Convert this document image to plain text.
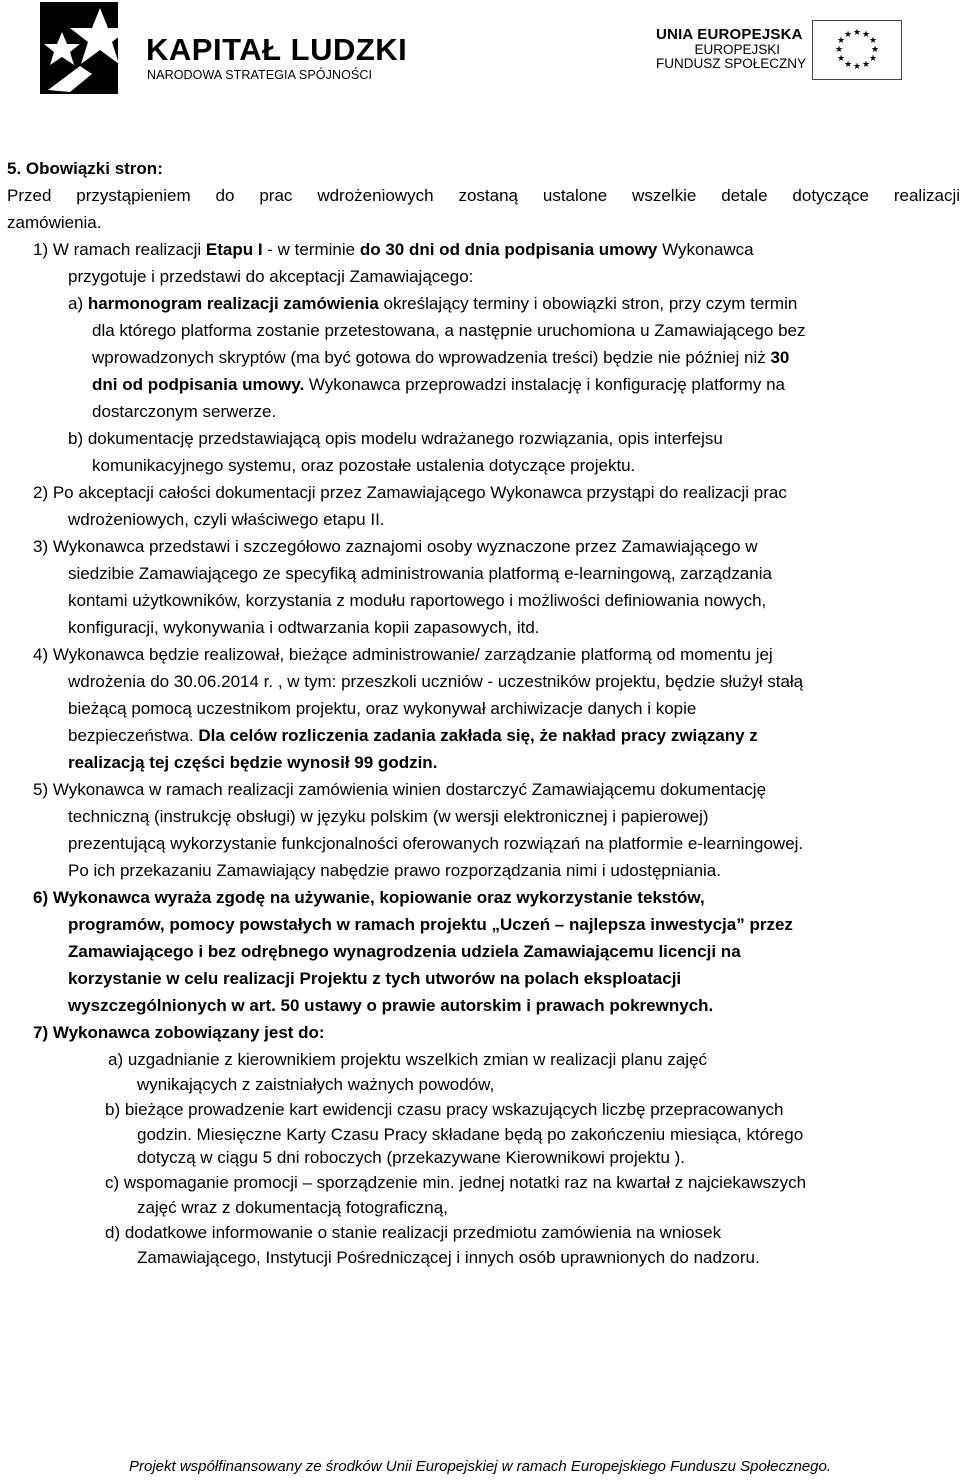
KAPITAŁ LUDZKI
NARODOWA STRATEGIA SPÓJNOŚCI
UNIA EUROPEJSKA
EUROPEJSKI
FUNDUSZ SPOŁECZNY
★ ★
★
★
★
★
★
★
★
★
★
★
5. Obowiązki stron:
Przed przystąpieniem do prac wdrożeniowych zostaną ustalone wszelkie detale dotyczące realizacji
zamówienia.
1) W ramach realizacji Etapu I - w terminie do 30 dni od dnia podpisania umowy Wykonawca
przygotuje i przedstawi do akceptacji Zamawiającego:
a) harmonogram realizacji zamówienia określający terminy i obowiązki stron, przy czym termin
dla którego platforma zostanie przetestowana, a następnie uruchomiona u Zamawiającego bez
wprowadzonych skryptów (ma być gotowa do wprowadzenia treści) będzie nie później niż 30
dni od podpisania umowy. Wykonawca przeprowadzi instalację i konfigurację platformy na
dostarczonym serwerze.
b) dokumentację przedstawiającą opis modelu wdrażanego rozwiązania, opis interfejsu
komunikacyjnego systemu, oraz pozostałe ustalenia dotyczące projektu.
2) Po akceptacji całości dokumentacji przez Zamawiającego Wykonawca przystąpi do realizacji prac
wdrożeniowych, czyli właściwego etapu II.
3) Wykonawca przedstawi i szczegółowo zaznajomi osoby wyznaczone przez Zamawiającego w
siedzibie Zamawiającego ze specyfiką administrowania platformą e-learningową, zarządzania
kontami użytkowników, korzystania z modułu raportowego i możliwości definiowania nowych,
konfiguracji, wykonywania i odtwarzania kopii zapasowych, itd.
4) Wykonawca będzie realizował, bieżące administrowanie/ zarządzanie platformą od momentu jej
wdrożenia do 30.06.2014 r. , w tym: przeszkoli uczniów - uczestników projektu, będzie służył stałą
bieżącą pomocą uczestnikom projektu, oraz wykonywał archiwizacje danych i kopie
bezpieczeństwa. Dla celów rozliczenia zadania zakłada się, że nakład pracy związany z
realizacją tej części będzie wynosił 99 godzin.
5) Wykonawca w ramach realizacji zamówienia winien dostarczyć Zamawiającemu dokumentację
techniczną (instrukcję obsługi) w języku polskim (w wersji elektronicznej i papierowej)
prezentującą wykorzystanie funkcjonalności oferowanych rozwiązań na platformie e-learningowej.
Po ich przekazaniu Zamawiający nabędzie prawo rozporządzania nimi i udostępniania.
6) Wykonawca wyraża zgodę na używanie, kopiowanie oraz wykorzystanie tekstów,
programów, pomocy powstałych w ramach projektu „Uczeń – najlepsza inwestycja” przez
Zamawiającego i bez odrębnego wynagrodzenia udziela Zamawiającemu licencji na
korzystanie w celu realizacji Projektu z tych utworów na polach eksploatacji
wyszczególnionych w art. 50 ustawy o prawie autorskim i prawach pokrewnych.
7) Wykonawca zobowiązany jest do:
a) uzgadnianie z kierownikiem projektu wszelkich zmian w realizacji planu zajęć
wynikających z zaistniałych ważnych powodów,
b) bieżące prowadzenie kart ewidencji czasu pracy wskazujących liczbę przepracowanych
godzin. Miesięczne Karty Czasu Pracy składane będą po zakończeniu miesiąca, którego
dotyczą w ciągu 5 dni roboczych (przekazywane Kierownikowi projektu ).
c) wspomaganie promocji – sporządzenie min. jednej notatki raz na kwartał z najciekawszych
zajęć wraz z dokumentacją fotograficzną,
d) dodatkowe informowanie o stanie realizacji przedmiotu zamówienia na wniosek
Zamawiającego, Instytucji Pośredniczącej i innych osób uprawnionych do nadzoru.
Projekt współfinansowany ze środków Unii Europejskiej w ramach Europejskiego Funduszu Społecznego.
